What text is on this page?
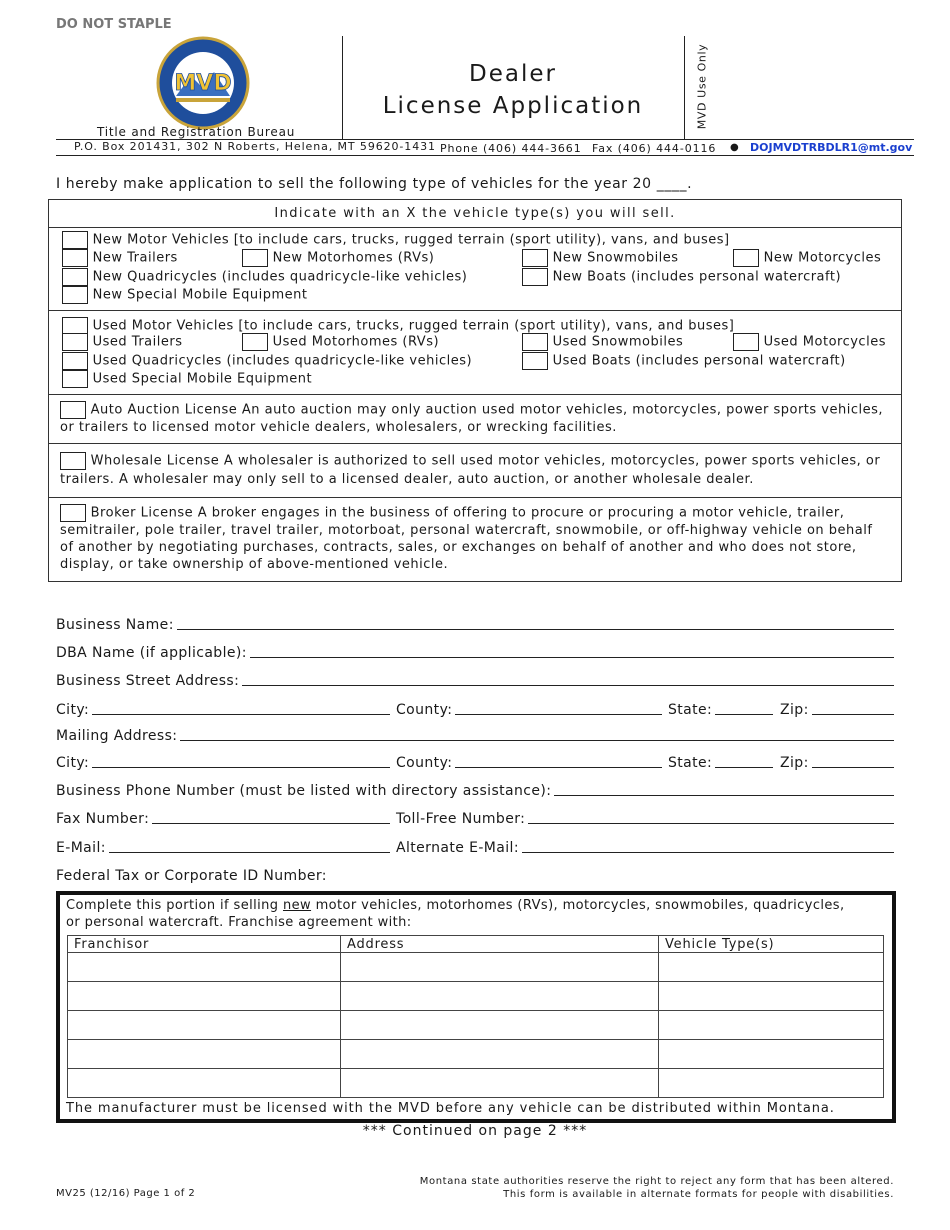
DO NOT STAPLE
MVD
Title and Registration Bureau
Dealer
License Application	MVD Use Only
P.O. Box 201431, 302 N Roberts, Helena, MT 59620-1431 Phone (406) 444-3661 Fax (406) 444-0116 ● DOJMVDTRBDLR1@mt.gov
I hereby make application to sell the following type of vehicles for the year 20 ____.
Indicate with an X the vehicle type(s) you will sell.
New Motor Vehicles [to include cars, trucks, rugged terrain (sport utility), vans, and buses]
New Trailers	New Motorhomes (RVs)	New Snowmobiles	New Motorcycles
New Quadricycles (includes quadricycle-like vehicles)	New Boats (includes personal watercraft)
New Special Mobile Equipment
Used Motor Vehicles [to include cars, trucks, rugged terrain (sport utility), vans, and buses]
Used Trailers	Used Motorhomes (RVs)	Used Snowmobiles	Used Motorcycles
Used Quadricycles (includes quadricycle-like vehicles)	Used Boats (includes personal watercraft)
Used Special Mobile Equipment
Auto Auction License An auto auction may only auction used motor vehicles, motorcycles, power sports vehicles, or trailers to licensed motor vehicle dealers, wholesalers, or wrecking facilities.
Wholesale License A wholesaler is authorized to sell used motor vehicles, motorcycles, power sports vehicles, or trailers. A wholesaler may only sell to a licensed dealer, auto auction, or another wholesale dealer.
Broker License A broker engages in the business of offering to procure or procuring a motor vehicle, trailer, semitrailer, pole trailer, travel trailer, motorboat, personal watercraft, snowmobile, or off-highway vehicle on behalf of another by negotiating purchases, contracts, sales, or exchanges on behalf of another and who does not store, display, or take ownership of above-mentioned vehicle.
Business Name:
DBA Name (if applicable):
Business Street Address:
City:	County:	State:	Zip:
Mailing Address:
City:	County:	State:	Zip:
Business Phone Number (must be listed with directory assistance):
Fax Number:	Toll-Free Number:
E-Mail:	Alternate E-Mail:
Federal Tax or Corporate ID Number:
Complete this portion if selling new motor vehicles, motorhomes (RVs), motorcycles, snowmobiles, quadricycles,
or personal watercraft. Franchise agreement with:
Franchisor	Address	Vehicle Type(s)

The manufacturer must be licensed with the MVD before any vehicle can be distributed within Montana.
*** Continued on page 2 ***
MV25 (12/16) Page 1 of 2
Montana state authorities reserve the right to reject any form that has been altered.
This form is available in alternate formats for people with disabilities.
